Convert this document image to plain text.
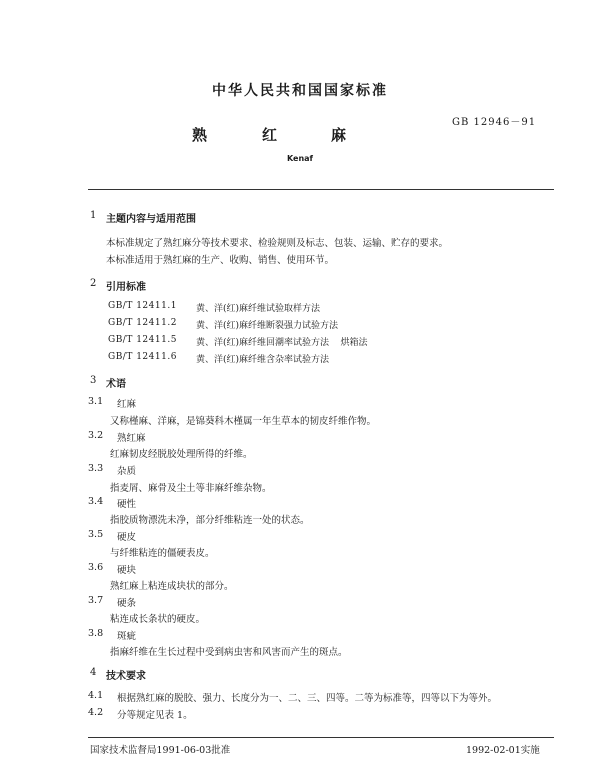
中华人民共和国国家标准
GB 12946－91
熟	红	麻
Kenaf
1 主题内容与适用范围
本标准规定了熟红麻分等技术要求、检验规则及标志、包装、运输、贮存的要求。
本标准适用于熟红麻的生产、收购、销售、使用环节。
2 引用标准
GB/T 12411.1 黄、洋(红)麻纤维试验取样方法
GB/T 12411.2 黄、洋(红)麻纤维断裂强力试验方法
GB/T 12411.5 黄、洋(红)麻纤维回潮率试验方法    烘箱法
GB/T 12411.6 黄、洋(红)麻纤维含杂率试验方法
3 术语
3.1 红麻
又称槿麻、洋麻，是锦葵科木槿属一年生草本的韧皮纤维作物。
3.2 熟红麻
红麻韧皮经脱胶处理所得的纤维。
3.3 杂质
指麦屑、麻骨及尘土等非麻纤维杂物。
3.4 硬性
指胶质物漂洗未净，部分纤维粘连一处的状态。
3.5 硬皮
与纤维粘连的僵硬表皮。
3.6 硬块
熟红麻上粘连成块状的部分。
3.7 硬条
粘连成长条状的硬皮。
3.8 斑疵
指麻纤维在生长过程中受到病虫害和风害而产生的斑点。
4 技术要求
4.1 根据熟红麻的脱胶、强力、长度分为一、二、三、四等。二等为标准等，四等以下为等外。
4.2 分等规定见表 1。
国家技术监督局1991-06-03批准	1992-02-01实施
